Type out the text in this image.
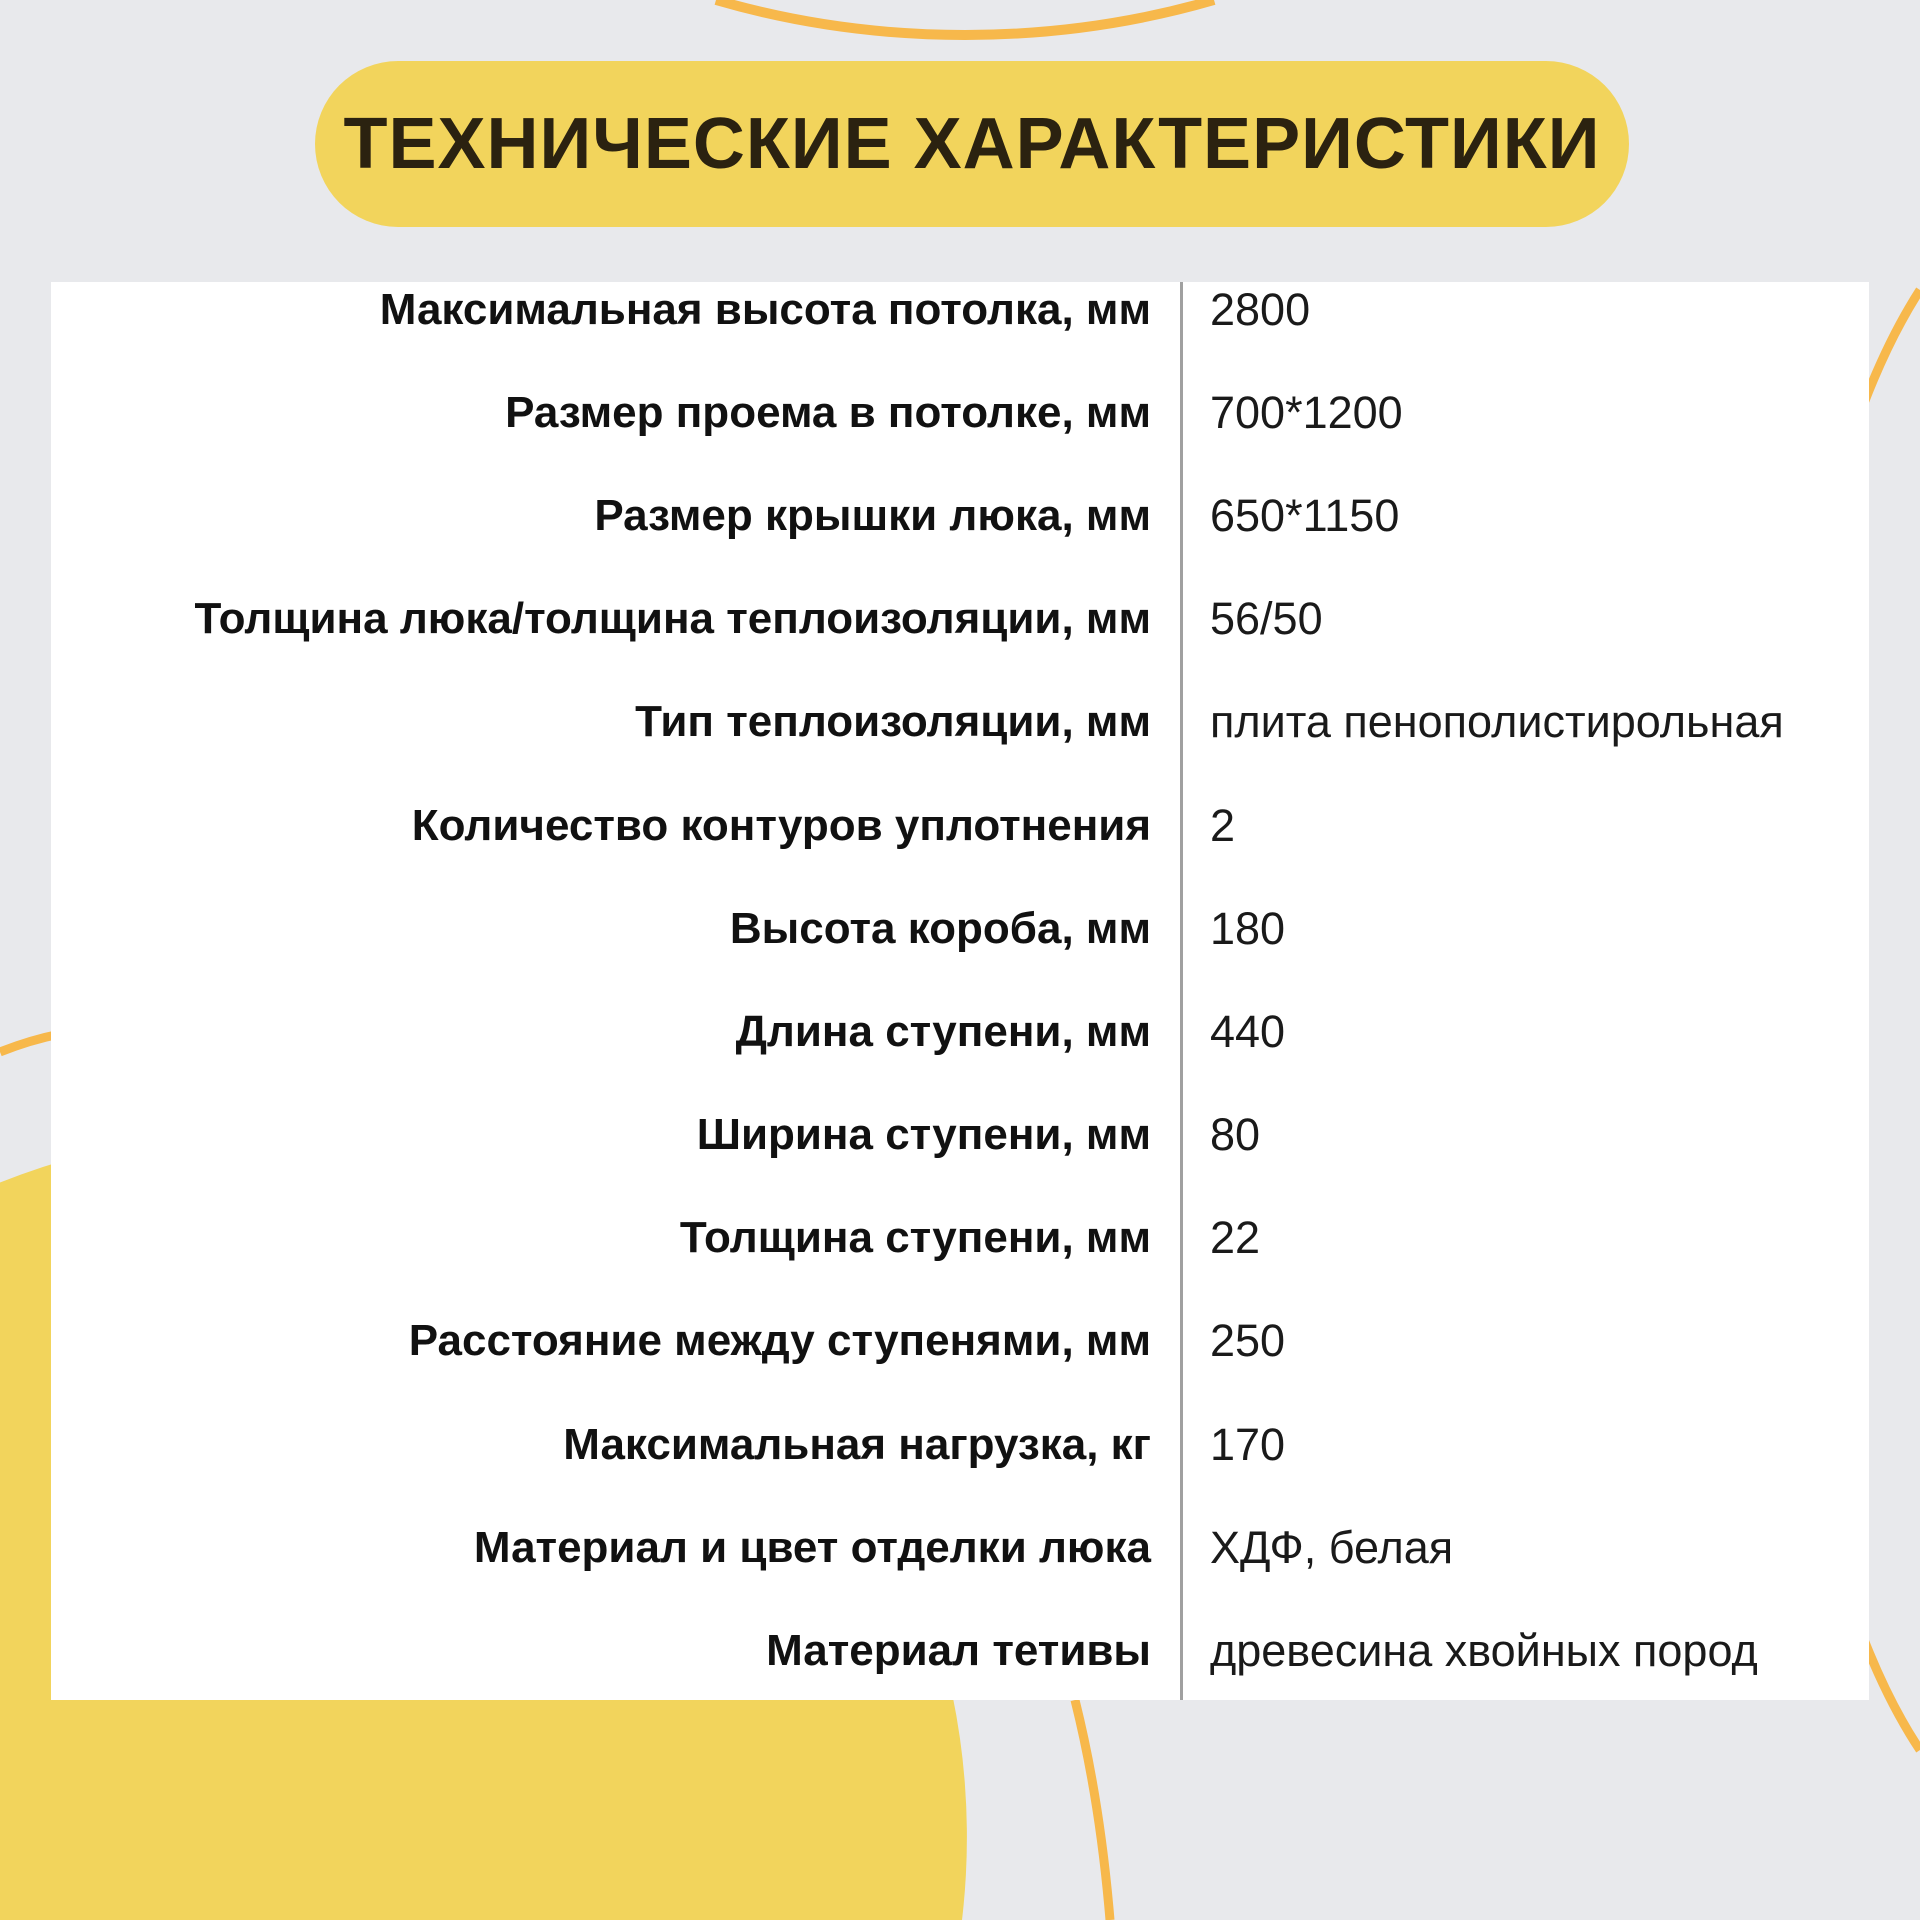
ТЕХНИЧЕСКИЕ ХАРАКТЕРИСТИКИ
Максимальная высота потолка, мм 2800
Размер проема в потолке, мм 700*1200
Размер крышки люка, мм 650*1150
Толщина люка/толщина теплоизоляции, мм 56/50
Тип теплоизоляции, мм плита пенополистирольная
Количество контуров уплотнения 2
Высота короба, мм 180
Длина ступени, мм 440
Ширина ступени, мм 80
Толщина ступени, мм 22
Расстояние между ступенями, мм 250
Максимальная нагрузка, кг 170
Материал и цвет отделки люка ХДФ, белая
Материал тетивы древесина хвойных пород
